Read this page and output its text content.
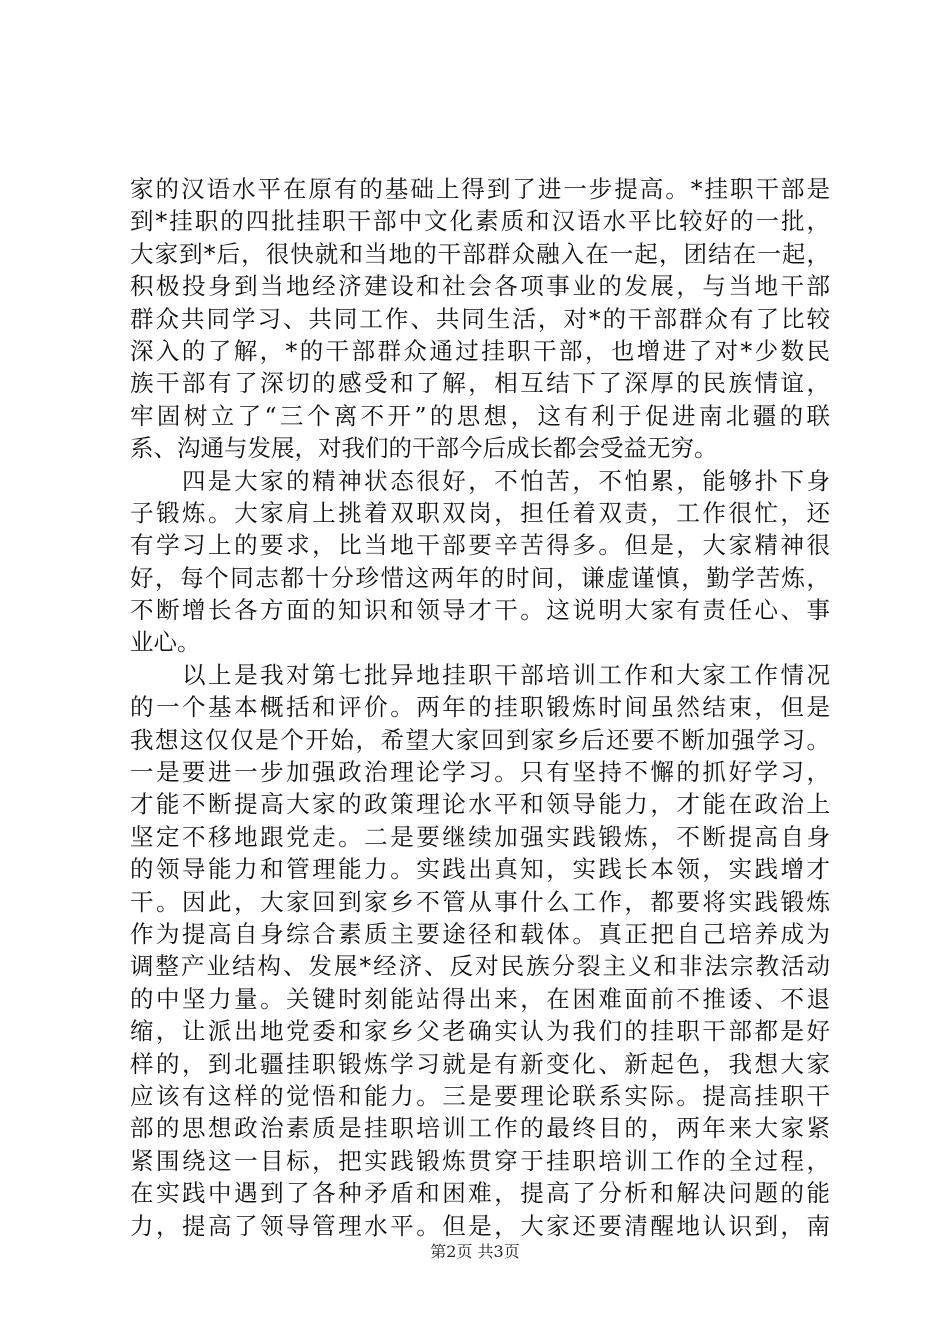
家的汉语水平在原有的基础上得到了进一步提高。*挂职干部是
到*挂职的四批挂职干部中文化素质和汉语水平比较好的一批，
大家到*后，很快就和当地的干部群众融入在一起，团结在一起，
积极投身到当地经济建设和社会各项事业的发展，与当地干部
群众共同学习、共同工作、共同生活，对*的干部群众有了比较
深入的了解，*的干部群众通过挂职干部，也增进了对*少数民
族干部有了深切的感受和了解，相互结下了深厚的民族情谊，
牢固树立了“三个离不开”的思想，这有利于促进南北疆的联
系、沟通与发展，对我们的干部今后成长都会受益无穷。
　　四是大家的精神状态很好，不怕苦，不怕累，能够扑下身
子锻炼。大家肩上挑着双职双岗，担任着双责，工作很忙，还
有学习上的要求，比当地干部要辛苦得多。但是，大家精神很
好，每个同志都十分珍惜这两年的时间，谦虚谨慎，勤学苦炼，
不断增长各方面的知识和领导才干。这说明大家有责任心、事
业心。
　　以上是我对第七批异地挂职干部培训工作和大家工作情况
的一个基本概括和评价。两年的挂职锻炼时间虽然结束，但是
我想这仅仅是个开始，希望大家回到家乡后还要不断加强学习。
一是要进一步加强政治理论学习。只有坚持不懈的抓好学习，
才能不断提高大家的政策理论水平和领导能力，才能在政治上
坚定不移地跟党走。二是要继续加强实践锻炼，不断提高自身
的领导能力和管理能力。实践出真知，实践长本领，实践增才
干。因此，大家回到家乡不管从事什么工作，都要将实践锻炼
作为提高自身综合素质主要途径和载体。真正把自己培养成为
调整产业结构、发展*经济、反对民族分裂主义和非法宗教活动
的中坚力量。关键时刻能站得出来，在困难面前不推诿、不退
缩，让派出地党委和家乡父老确实认为我们的挂职干部都是好
样的，到北疆挂职锻炼学习就是有新变化、新起色，我想大家
应该有这样的觉悟和能力。三是要理论联系实际。提高挂职干
部的思想政治素质是挂职培训工作的最终目的，两年来大家紧
紧围绕这一目标，把实践锻炼贯穿于挂职培训工作的全过程，
在实践中遇到了各种矛盾和困难，提高了分析和解决问题的能
力，提高了领导管理水平。但是，大家还要清醒地认识到，南
第2页 共3页
